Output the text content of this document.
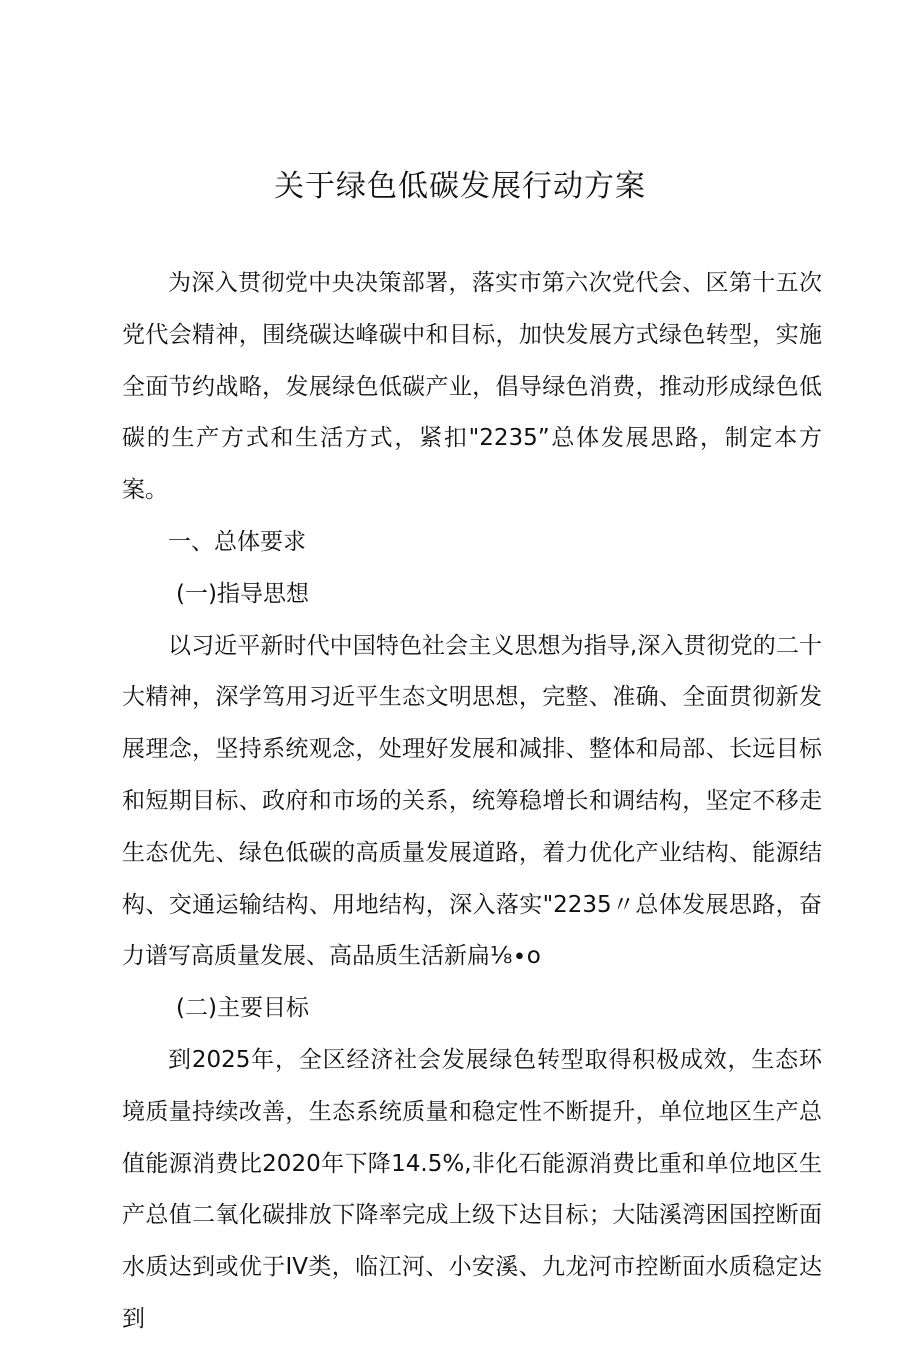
关于绿色低碳发展行动方案

为深入贯彻党中央决策部署，落实市第六次党代会、区第十五次党代会精神，围绕碳达峰碳中和目标，加快发展方式绿色转型，实施全面节约战略，发展绿色低碳产业，倡导绿色消费，推动形成绿色低碳的生产方式和生活方式，紧扣"2235”总体发展思路，制定本方案。

一、总体要求

(一)指导思想

以习近平新时代中国特色社会主义思想为指导,深入贯彻党的二十大精神，深学笃用习近平生态文明思想，完整、准确、全面贯彻新发展理念，坚持系统观念，处理好发展和减排、整体和局部、长远目标和短期目标、政府和市场的关系，统筹稳增长和调结构，坚定不移走生态优先、绿色低碳的高质量发展道路，着力优化产业结构、能源结构、交通运输结构、用地结构，深入落实"2235〃总体发展思路，奋力谱写高质量发展、高品质生活新扁⅛∙o

(二)主要目标

到2025年，全区经济社会发展绿色转型取得积极成效，生态环境质量持续改善，生态系统质量和稳定性不断提升，单位地区生产总值能源消费比2020年下降14.5%,非化石能源消费比重和单位地区生产总值二氧化碳排放下降率完成上级下达目标；大陆溪湾困国控断面水质达到或优于IV类，临江河、小安溪、九龙河市控断面水质稳定达到
